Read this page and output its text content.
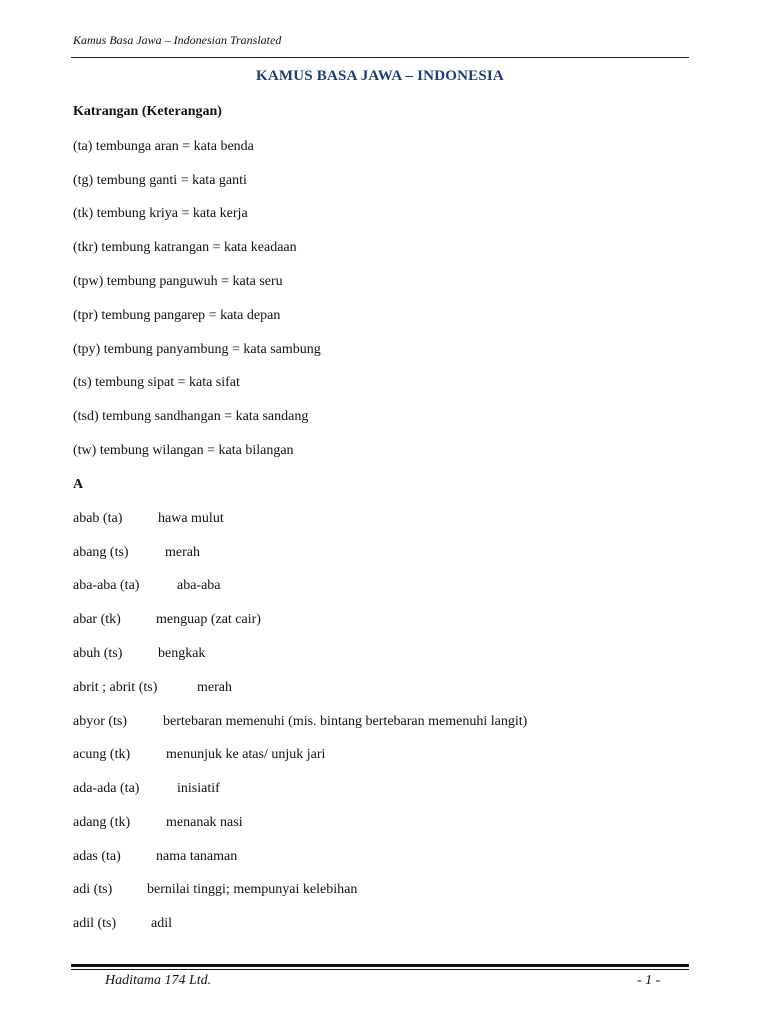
Kamus Basa Jawa – Indonesian Translated
KAMUS BASA JAWA – INDONESIA
Katrangan (Keterangan)
(ta) tembunga aran = kata benda
(tg) tembung ganti = kata ganti
(tk) tembung kriya = kata kerja
(tkr) tembung katrangan = kata keadaan
(tpw) tembung panguwuh = kata seru
(tpr) tembung pangarep = kata depan
(tpy) tembung panyambung = kata sambung
(ts) tembung sipat = kata sifat
(tsd) tembung sandhangan = kata sandang
(tw) tembung wilangan = kata bilangan
A
abab (ta)	hawa mulut
abang (ts)	merah
aba-aba (ta)	aba-aba
abar (tk)	menguap (zat cair)
abuh (ts)	bengkak
abrit ; abrit (ts)	merah
abyor (ts)	bertebaran memenuhi (mis. bintang bertebaran memenuhi langit)
acung (tk)	menunjuk ke atas/ unjuk jari
ada-ada (ta)	inisiatif
adang (tk)	menanak nasi
adas (ta)	nama tanaman
adi (ts) bernilai tinggi; mempunyai kelebihan
adil (ts) adil
Haditama 174 Ltd.	- 1 -
